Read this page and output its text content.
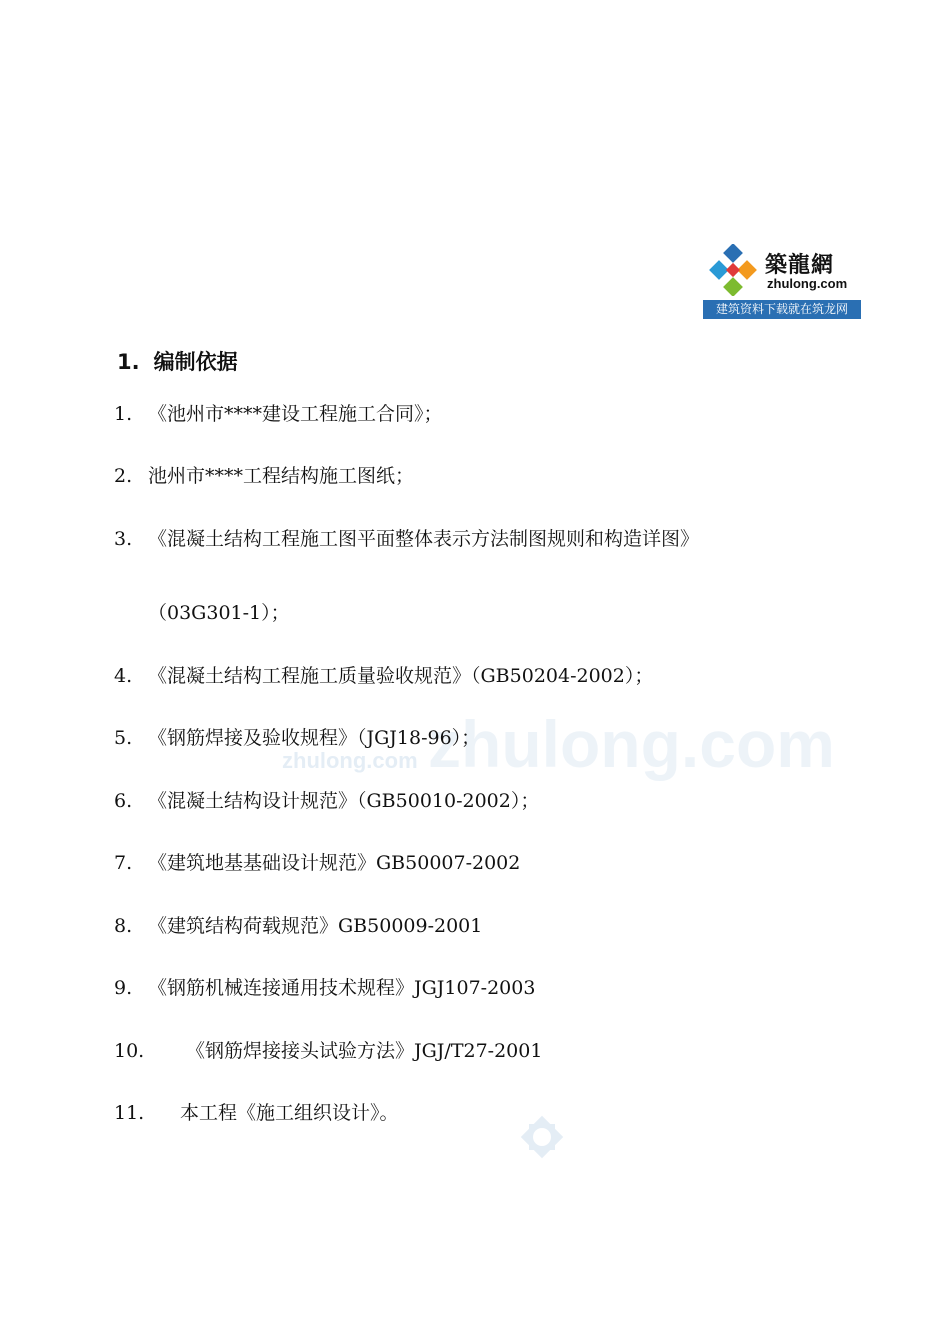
zhulong.com
zhulong.com
築龍網
zhulong.com
建筑资料下载就在筑龙网
1. 编制依据
1. 《池州市****建设工程施工合同》；
2. 池州市****工程结构施工图纸；
3. 《混凝土结构工程施工图平面整体表示方法制图规则和构造详图》
（03G301-1）；
4. 《混凝土结构工程施工质量验收规范》（GB50204-2002）；
5. 《钢筋焊接及验收规程》（JGJ18-96）；
6. 《混凝土结构设计规范》（GB50010-2002）；
7. 《建筑地基基础设计规范》GB50007-2002
8. 《建筑结构荷载规范》GB50009-2001
9. 《钢筋机械连接通用技术规程》JGJ107-2003
10. 《钢筋焊接接头试验方法》JGJ/T27-2001
11. 本工程《施工组织设计》。
